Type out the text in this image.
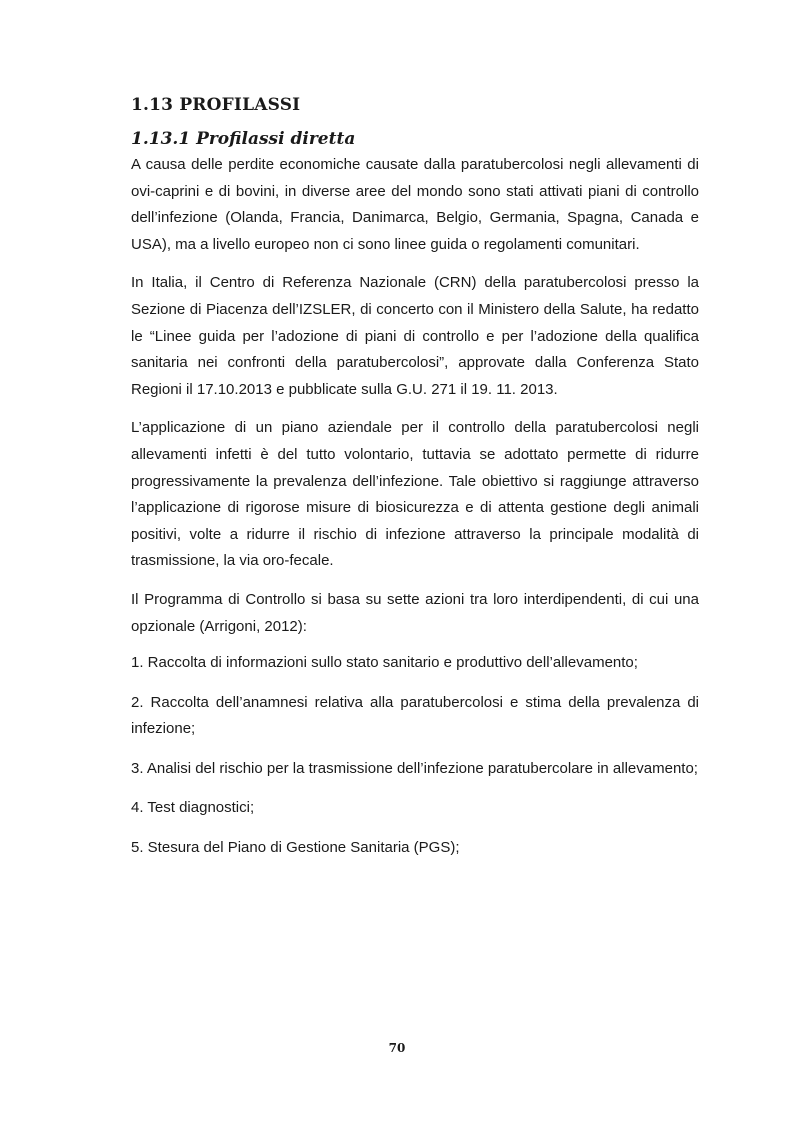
1.13 PROFILASSI
1.13.1 Profilassi diretta

A causa delle perdite economiche causate dalla paratubercolosi negli allevamenti di ovi-caprini e di bovini, in diverse aree del mondo sono stati attivati piani di controllo dell’infezione (Olanda, Francia, Danimarca, Belgio, Germania, Spagna, Canada e USA), ma a livello europeo non ci sono linee guida o regolamenti comunitari.

In Italia, il Centro di Referenza Nazionale (CRN) della paratubercolosi presso la Sezione di Piacenza dell’IZSLER, di concerto con il Ministero della Salute, ha redatto le “Linee guida per l’adozione di piani di controllo e per l’adozione della qualifica sanitaria nei confronti della paratubercolosi”, approvate dalla Conferenza Stato Regioni il 17.10.2013 e pubblicate sulla G.U. 271 il 19. 11. 2013.

L’applicazione di un piano aziendale per il controllo della paratubercolosi negli allevamenti infetti è del tutto volontario, tuttavia se adottato permette di ridurre progressivamente la prevalenza dell’infezione. Tale obiettivo si raggiunge attraverso l’applicazione di rigorose misure di biosicurezza e di attenta gestione degli animali positivi, volte a ridurre il rischio di infezione attraverso la principale modalità di trasmissione, la via oro-fecale.

Il Programma di Controllo si basa su sette azioni tra loro interdipendenti, di cui una opzionale (Arrigoni, 2012):

1. Raccolta di informazioni sullo stato sanitario e produttivo dell’allevamento;

2. Raccolta dell’anamnesi relativa alla paratubercolosi e stima della prevalenza di infezione;

3. Analisi del rischio per la trasmissione dell’infezione paratubercolare in allevamento;

4. Test diagnostici;

5. Stesura del Piano di Gestione Sanitaria (PGS);

70
